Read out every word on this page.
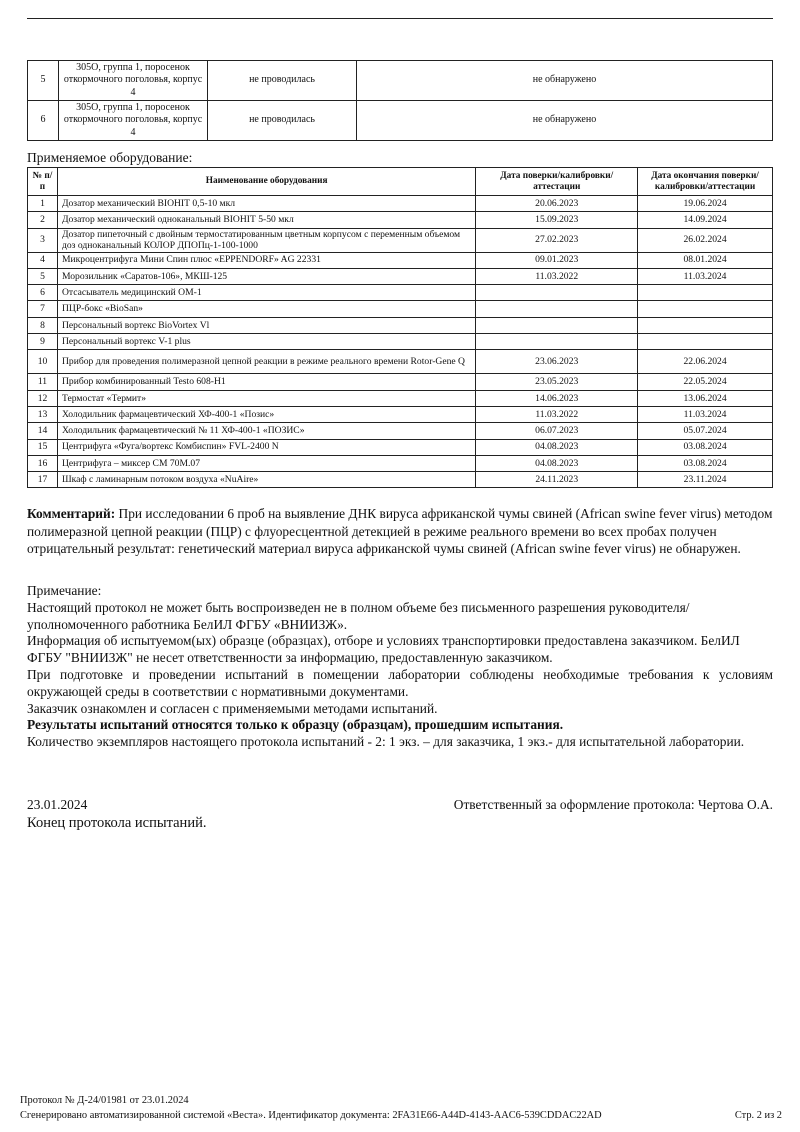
5	305О, группа 1, поросенок откормочного поголовья, корпус 4	не проводилась	не обнаружено
6	305О, группа 1, поросенок откормочного поголовья, корпус 4	не проводилась	не обнаружено
Применяемое оборудование:
№ п/п	Наименование оборудования	Дата поверки/калибровки/аттестации	Дата окончания поверки/калибровки/аттестации
1	Дозатор механический ВIОНIТ 0,5-10 мкл	20.06.2023	19.06.2024
2	Дозатор механический одноканальный ВIОНIТ 5-50 мкл	15.09.2023	14.09.2024
3	Дозатор пипеточный с двойным термостатированным цветным корпусом с переменным объемом доз одноканальный КОЛОР ДПОПц-1-100-1000	27.02.2023	26.02.2024
4	Микроцентрифуга Мини Спин плюс «EPPENDORF» AG 22331	09.01.2023	08.01.2024
5	Морозильник «Саратов-106», МКШ-125	11.03.2022	11.03.2024
6	Отсасыватель медицинский ОМ-1		
7	ПЦР-бокс «BioSan»		
8	Персональный вортекс BioVortex Vl		
9	Персональный вортекс V-1 plus		
10	Прибор для проведения полимеразной цепной реакции в режиме реального времени Rotor-Gene Q	23.06.2023	22.06.2024
11	Прибор комбинированный Testo 608-H1	23.05.2023	22.05.2024
12	Термостат «Термит»	14.06.2023	13.06.2024
13	Холодильник фармацевтический ХФ-400-1 «Позис»	11.03.2022	11.03.2024
14	Холодильник фармацевтический № 11 ХФ-400-1 «ПОЗИС»	06.07.2023	05.07.2024
15	Центрифуга «Фуга/вортекс Комбиспин» FVL-2400 N	04.08.2023	03.08.2024
16	Центрифуга – миксер СМ 70М.07	04.08.2023	03.08.2024
17	Шкаф с ламинарным потоком воздуха «NuAire»	24.11.2023	23.11.2024
Комментарий: При исследовании 6 проб на выявление ДНК вируса африканской чумы свиней (African swine fever virus) методом полимеразной цепной реакции (ПЦР) с флуоресцентной детекцией в режиме реального времени во всех пробах получен отрицательный результат: генетический материал вируса африканской чумы свиней (African swine fever virus) не обнаружен.

Примечание:

Настоящий протокол не может быть воспроизведен не в полном объеме без письменного разрешения руководителя/уполномоченного работника БелИЛ ФГБУ «ВНИИЗЖ».

Информация об испытуемом(ых) образце (образцах), отборе и условиях транспортировки предоставлена заказчиком. БелИЛ ФГБУ "ВНИИЗЖ" не несет ответственности за информацию, предоставленную заказчиком.

При подготовке и проведении испытаний в помещении лаборатории соблюдены необходимые требования к условиям окружающей среды в соответствии с нормативными документами.

Заказчик ознакомлен и согласен с применяемыми методами испытаний.

Результаты испытаний относятся только к образцу (образцам), прошедшим испытания.

Количество экземпляров настоящего протокола испытаний - 2: 1 экз. – для заказчика, 1 экз.- для испытательной лаборатории.

23.01.2024	Ответственный за оформление протокола: Чертова О.А.
Конец протокола испытаний.
Протокол № Д-24/01981 от 23.01.2024
Сгенерировано автоматизированной системой «Веста». Идентификатор документа: 2FA31E66-A44D-4143-AAC6-539CDDAC22AD	Стр. 2 из 2
